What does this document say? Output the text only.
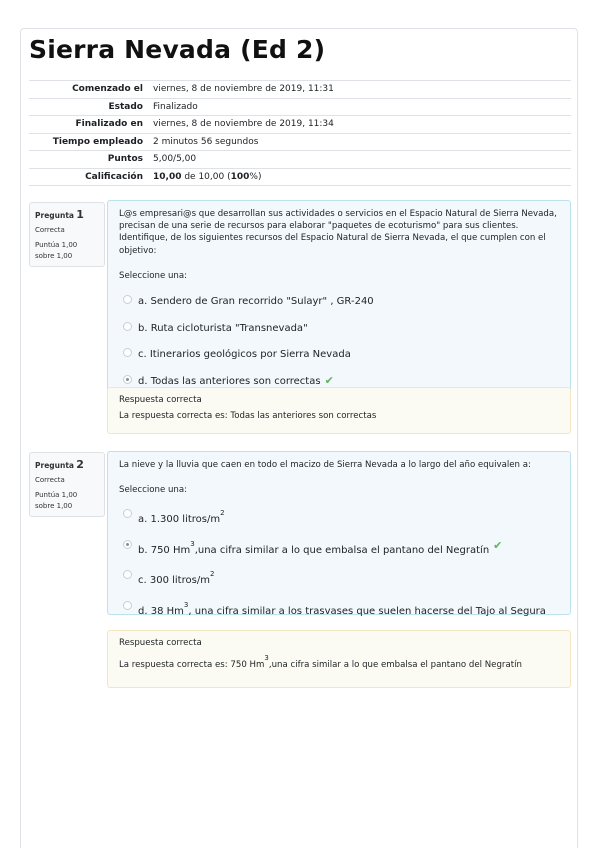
Sierra Nevada (Ed 2)
Comenzado el	viernes, 8 de noviembre de 2019, 11:31
Estado	Finalizado
Finalizado en	viernes, 8 de noviembre de 2019, 11:34
Tiempo empleado	2 minutos 56 segundos
Puntos	5,00/5,00
Calificación	10,00 de 10,00 (100%)
Pregunta 1
Correcta
Puntúa 1,00
sobre 1,00
L@s empresari@s que desarrollan sus actividades o servicios en el Espacio Natural de Sierra Nevada, precisan de una serie de recursos para elaborar "paquetes de ecoturismo" para sus clientes. Identifique, de los siguientes recursos del Espacio Natural de Sierra Nevada, el que cumplen con el objetivo:
Seleccione una:
a. Sendero de Gran recorrido "Sulayr" , GR-240
b. Ruta cicloturista "Transnevada"
c. Itinerarios geológicos por Sierra Nevada
d. Todas las anteriores son correctas ✔
Respuesta correcta
La respuesta correcta es: Todas las anteriores son correctas
Pregunta 2
Correcta
Puntúa 1,00
sobre 1,00
La nieve y la lluvia que caen en todo el macizo de Sierra Nevada a lo largo del año equivalen a:
Seleccione una:
a. 1.300 litros/$m^2$
b. 750 Hm$^3$,una cifra similar a lo que embalsa el pantano del Negratín ✔
c. 300 litros/$m^2$
d. 38 Hm$^3$, una cifra similar a los trasvases que suelen hacerse del Tajo al Segura
Respuesta correcta
La respuesta correcta es: 750 Hm$^3$,una cifra similar a lo que embalsa el pantano del Negratín
